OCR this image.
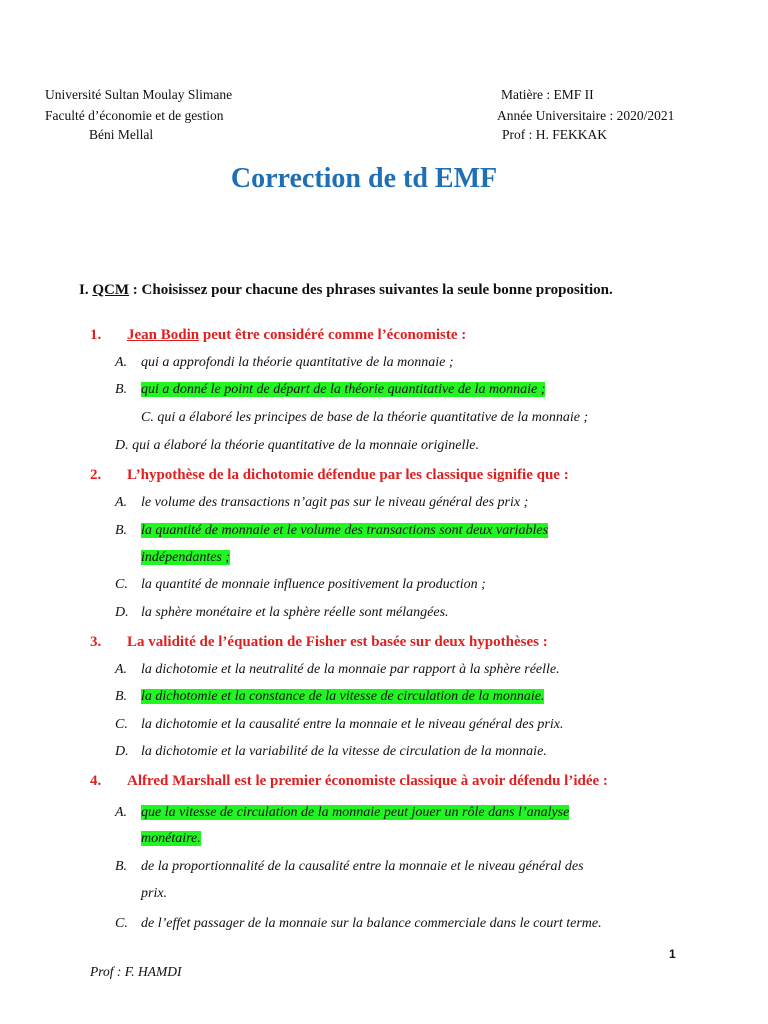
Université Sultan Moulay Slimane
Faculté d’économie et de gestion
Béni Mellal
Matière : EMF II
Année Universitaire : 2020/2021
Prof : H. FEKKAK
Correction de td EMF
I. QCM : Choisissez pour chacune des phrases suivantes la seule bonne proposition.
1. Jean Bodin peut être considéré comme l’économiste :
A. qui a approfondi la théorie quantitative de la monnaie ;
B. qui a donné le point de départ de la théorie quantitative de la monnaie ;
C. qui a élaboré les principes de base de la théorie quantitative de la monnaie ;
D. qui a élaboré la théorie quantitative de la monnaie originelle.
2. L’hypothèse de la dichotomie défendue par les classique signifie que :
A. le volume des transactions n’agit pas sur le niveau général des prix ;
B. la quantité de monnaie et le volume des transactions sont deux variables
indépendantes ;
C. la quantité de monnaie influence positivement la production ;
D. la sphère monétaire et la sphère réelle sont mélangées.
3. La validité de l’équation de Fisher est basée sur deux hypothèses :
A. la dichotomie et la neutralité de la monnaie par rapport à la sphère réelle.
B. la dichotomie et la constance de la vitesse de circulation de la monnaie.
C. la dichotomie et la causalité entre la monnaie et le niveau général des prix.
D. la dichotomie et la variabilité de la vitesse de circulation de la monnaie.
4. Alfred Marshall est le premier économiste classique à avoir défendu l’idée :
A. que la vitesse de circulation de la monnaie peut jouer un rôle dans l’analyse
monétaire.
B. de la proportionnalité de la causalité entre la monnaie et le niveau général des
prix.
C. de l’effet passager de la monnaie sur la balance commerciale dans le court terme.
1
Prof : F. HAMDI
